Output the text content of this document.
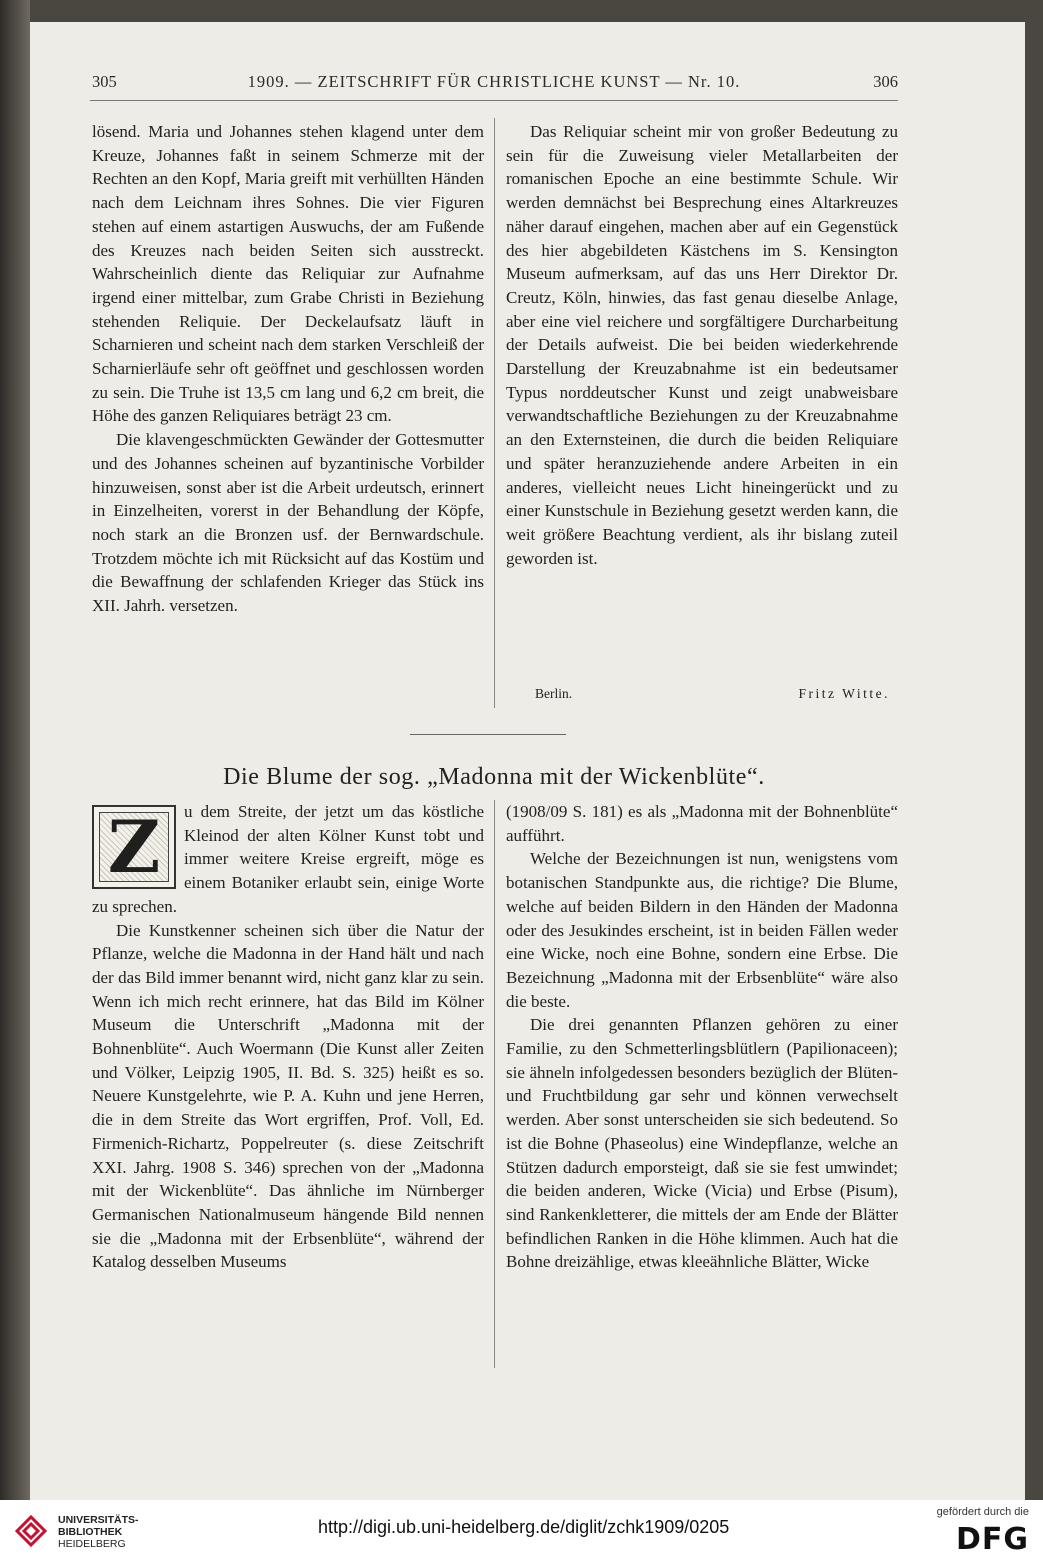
305	1909. — ZEITSCHRIFT FÜR CHRISTLICHE KUNST — Nr. 10.	306

lösend. Maria und Johannes stehen klagend unter dem Kreuze, Johannes faßt in seinem Schmerze mit der Rechten an den Kopf, Maria greift mit verhüllten Händen nach dem Leichnam ihres Sohnes. Die vier Figuren stehen auf einem astartigen Auswuchs, der am Fußende des Kreuzes nach beiden Seiten sich ausstreckt. Wahrscheinlich diente das Reliquiar zur Aufnahme irgend einer mittelbar, zum Grabe Christi in Beziehung stehenden Reliquie. Der Deckelaufsatz läuft in Scharnieren und scheint nach dem starken Verschleiß der Scharnierläufe sehr oft geöffnet und geschlossen worden zu sein. Die Truhe ist 13,5 cm lang und 6,2 cm breit, die Höhe des ganzen Reliquiares beträgt 23 cm.

Die klavengeschmückten Gewänder der Gottesmutter und des Johannes scheinen auf byzantinische Vorbilder hinzuweisen, sonst aber ist die Arbeit urdeutsch, erinnert in Einzelheiten, vorerst in der Behandlung der Köpfe, noch stark an die Bronzen usf. der Bernwardschule. Trotzdem möchte ich mit Rücksicht auf das Kostüm und die Bewaffnung der schlafenden Krieger das Stück ins XII. Jahrh. versetzen.

Das Reliquiar scheint mir von großer Bedeutung zu sein für die Zuweisung vieler Metallarbeiten der romanischen Epoche an eine bestimmte Schule. Wir werden demnächst bei Besprechung eines Altarkreuzes näher darauf eingehen, machen aber auf ein Gegenstück des hier abgebildeten Kästchens im S. Kensington Museum aufmerksam, auf das uns Herr Direktor Dr. Creutz, Köln, hinwies, das fast genau dieselbe Anlage, aber eine viel reichere und sorgfältigere Durcharbeitung der Details aufweist. Die bei beiden wiederkehrende Darstellung der Kreuzabnahme ist ein bedeutsamer Typus norddeutscher Kunst und zeigt unabweisbare verwandtschaftliche Beziehungen zu der Kreuzabnahme an den Externsteinen, die durch die beiden Reliquiare und später heranzuziehende andere Arbeiten in ein anderes, vielleicht neues Licht hineingerückt und zu einer Kunstschule in Beziehung gesetzt werden kann, die weit größere Beachtung verdient, als ihr bislang zuteil geworden ist.

Berlin.	Fritz Witte.
Die Blume der sog. „Madonna mit der Wickenblüte“.
Z	u dem Streite, der jetzt um das köstliche Kleinod der alten Kölner Kunst tobt und immer weitere Kreise ergreift, möge es einem Botaniker erlaubt sein, einige Worte zu sprechen.

Die Kunstkenner scheinen sich über die Natur der Pflanze, welche die Madonna in der Hand hält und nach der das Bild immer benannt wird, nicht ganz klar zu sein. Wenn ich mich recht erinnere, hat das Bild im Kölner Museum die Unterschrift „Madonna mit der Bohnenblüte“. Auch Woermann (Die Kunst aller Zeiten und Völker, Leipzig 1905, II. Bd. S. 325) heißt es so. Neuere Kunstgelehrte, wie P. A. Kuhn und jene Herren, die in dem Streite das Wort ergriffen, Prof. Voll, Ed. Firmenich-Richartz, Poppelreuter (s. diese Zeitschrift XXI. Jahrg. 1908 S. 346) sprechen von der „Madonna mit der Wickenblüte“. Das ähnliche im Nürnberger Germanischen Nationalmuseum hängende Bild nennen sie die „Madonna mit der Erbsenblüte“, während der Katalog desselben Museums

(1908/09 S. 181) es als „Madonna mit der Bohnenblüte“ aufführt.

Welche der Bezeichnungen ist nun, wenigstens vom botanischen Standpunkte aus, die richtige? Die Blume, welche auf beiden Bildern in den Händen der Madonna oder des Jesukindes erscheint, ist in beiden Fällen weder eine Wicke, noch eine Bohne, sondern eine Erbse. Die Bezeichnung „Madonna mit der Erbsenblüte“ wäre also die beste.

Die drei genannten Pflanzen gehören zu einer Familie, zu den Schmetterlingsblütlern (Papilionaceen); sie ähneln infolgedessen besonders bezüglich der Blüten- und Fruchtbildung gar sehr und können verwechselt werden. Aber sonst unterscheiden sie sich bedeutend. So ist die Bohne (Phaseolus) eine Windepflanze, welche an Stützen dadurch emporsteigt, daß sie sie fest umwindet; die beiden anderen, Wicke (Vicia) und Erbse (Pisum), sind Rankenkletterer, die mittels der am Ende der Blätter befindlichen Ranken in die Höhe klimmen. Auch hat die Bohne dreizählige, etwas kleeähnliche Blätter, Wicke

UNIVERSITÄTS-
BIBLIOTHEK
HEIDELBERG
http://digi.ub.uni-heidelberg.de/diglit/zchk1909/0205
gefördert durch die
DFG
